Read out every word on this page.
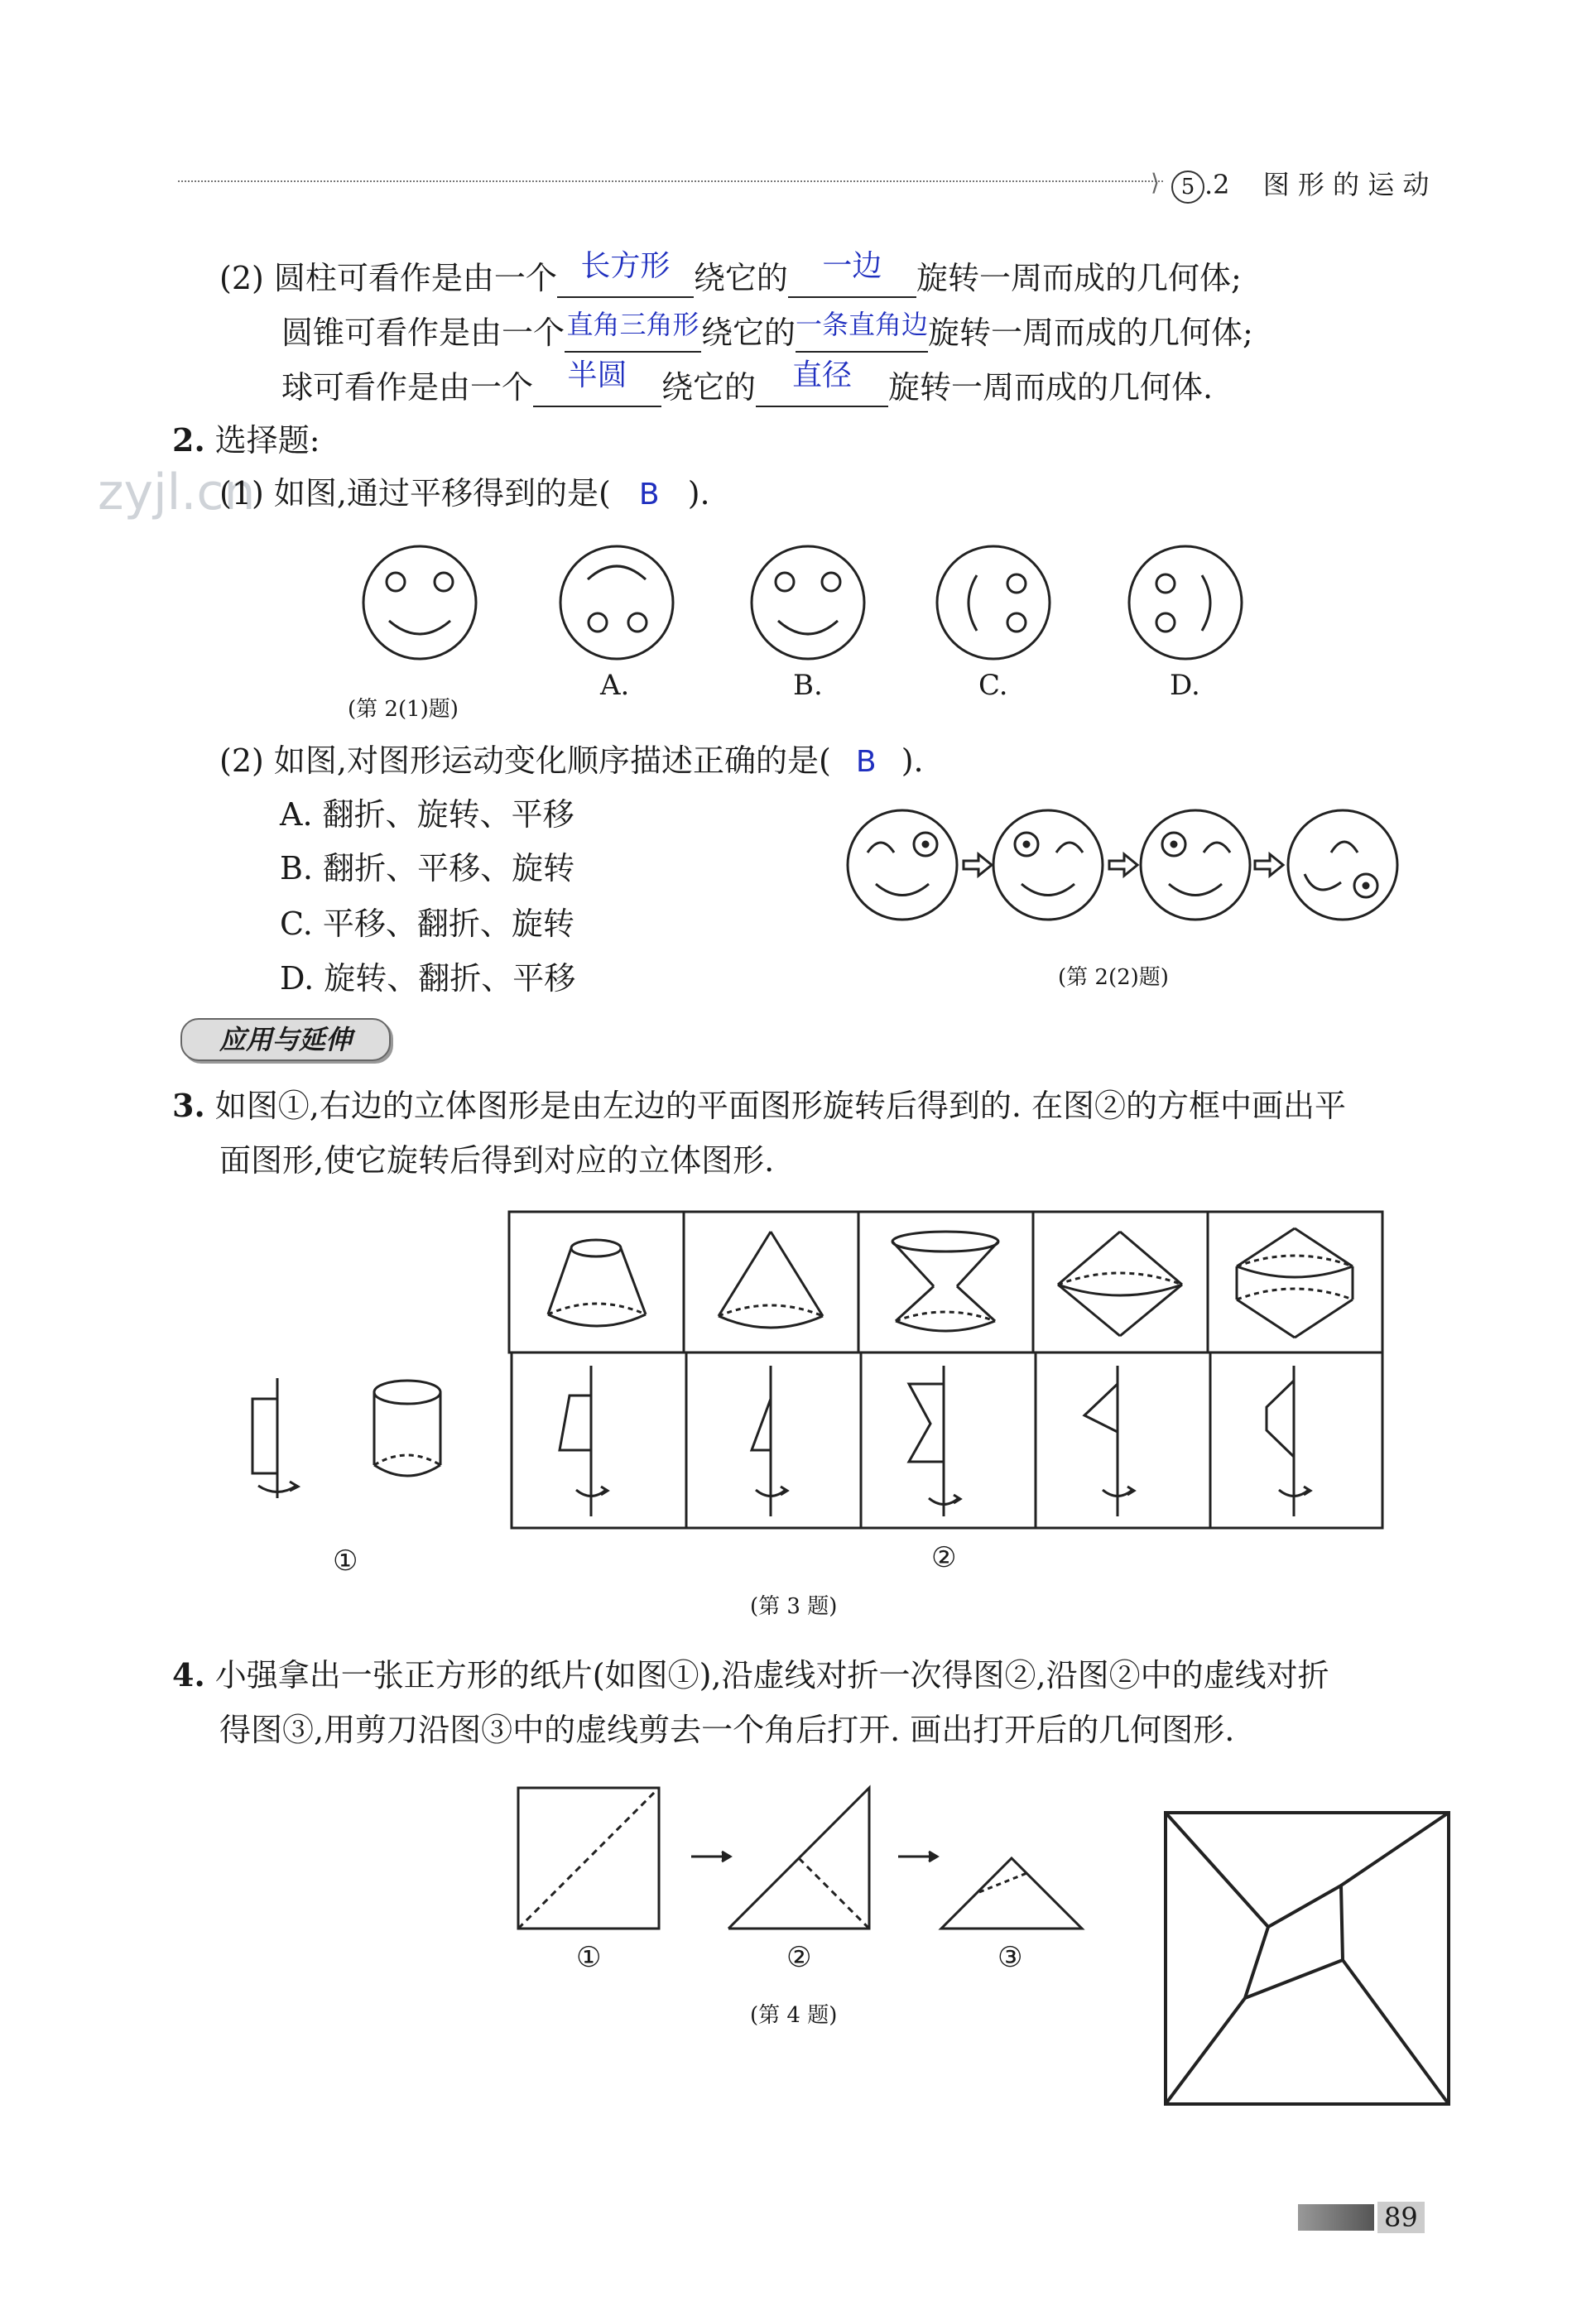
⟩ 5 .2 图 形 的 运 动
zyjl.cn
(2) 圆柱可看作是由一个 长方形 绕它的 一边 旋转一周而成的几何体;
圆锥可看作是由一个$^{直角三角形}$绕它的$^{一条直角边}$旋转一周而成的几何体;
球可看作是由一个 半圆 绕它的 直径 旋转一周而成的几何体.
2. 选择题:
(1) 如图,通过平移得到的是( B ).
(第 2(1)题)
A.	B.	C.	D.
(2) 如图,对图形运动变化顺序描述正确的是( B ).
A. 翻折、旋转、平移
B. 翻折、平移、旋转
C. 平移、翻折、旋转
D. 旋转、翻折、平移	(第 2(2)题)
应用与延伸
3. 如图①,右边的立体图形是由左边的平面图形旋转后得到的. 在图②的方框中画出平
面图形,使它旋转后得到对应的立体图形.
①	②
(第 3 题)
4. 小强拿出一张正方形的纸片(如图①),沿虚线对折一次得图②,沿图②中的虚线对折
得图③,用剪刀沿图③中的虚线剪去一个角后打开. 画出打开后的几何图形.
①	②	③
(第 4 题)
89
